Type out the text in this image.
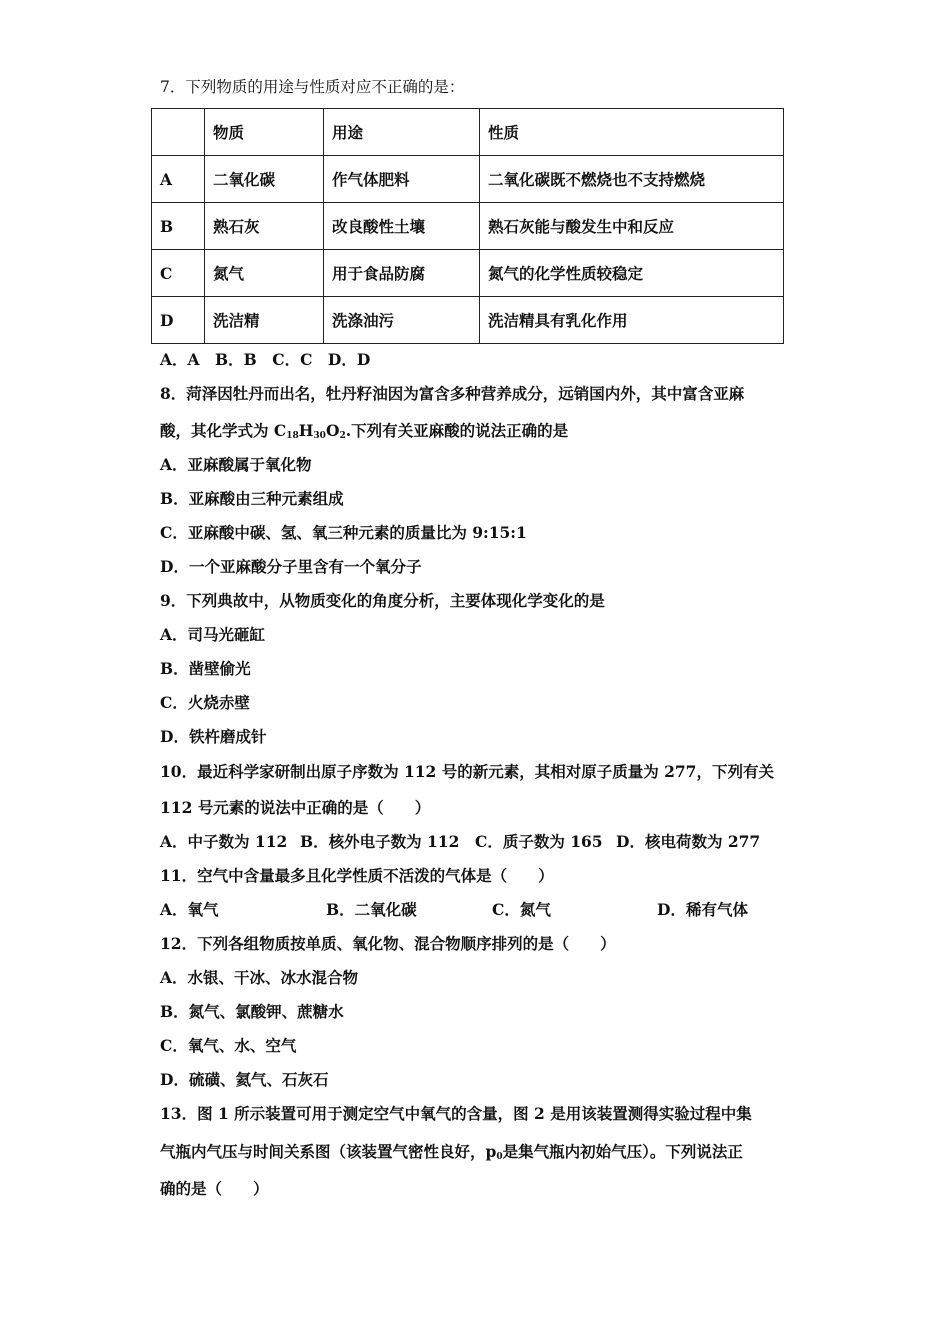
7．下列物质的用途与性质对应不正确的是：
	物质	用途	性质
A	二氧化碳	作气体肥料	二氧化碳既不燃烧也不支持燃烧
B	熟石灰	改良酸性土壤	熟石灰能与酸发生中和反应
C	氮气	用于食品防腐	氮气的化学性质较稳定
D	洗洁精	洗涤油污	洗洁精具有乳化作用
A．A　B．B　C．C　D．D
8．菏泽因牡丹而出名，牡丹籽油因为富含多种营养成分，远销国内外，其中富含亚麻
酸，其化学式为 $C_{18}H_{30}O_2$.下列有关亚麻酸的说法正确的是
A．亚麻酸属于氧化物
B．亚麻酸由三种元素组成
C．亚麻酸中碳、氢、氧三种元素的质量比为 9:15:1
D．一个亚麻酸分子里含有一个氧分子
9．下列典故中，从物质变化的角度分析，主要体现化学变化的是
A．司马光砸缸
B．凿壁偷光
C．火烧赤壁
D．铁杵磨成针
10．最近科学家研制出原子序数为 112 号的新元素，其相对原子质量为 277，下列有关
112 号元素的说法中正确的是（　　）
A．中子数为 112 B．核外电子数为 112 C．质子数为 165 D．核电荷数为 277
11．空气中含量最多且化学性质不活泼的气体是（　　）
A．氧气	B．二氧化碳	C．氮气	D．稀有气体
12．下列各组物质按单质、氧化物、混合物顺序排列的是（　　）
A．水银、干冰、冰水混合物
B．氮气、氯酸钾、蔗糖水
C．氧气、水、空气
D．硫磺、氦气、石灰石
13．图 1 所示装置可用于测定空气中氧气的含量，图 2 是用该装置测得实验过程中集
气瓶内气压与时间关系图（该装置气密性良好，$p_0$是集气瓶内初始气压）。下列说法正
确的是（　　）
